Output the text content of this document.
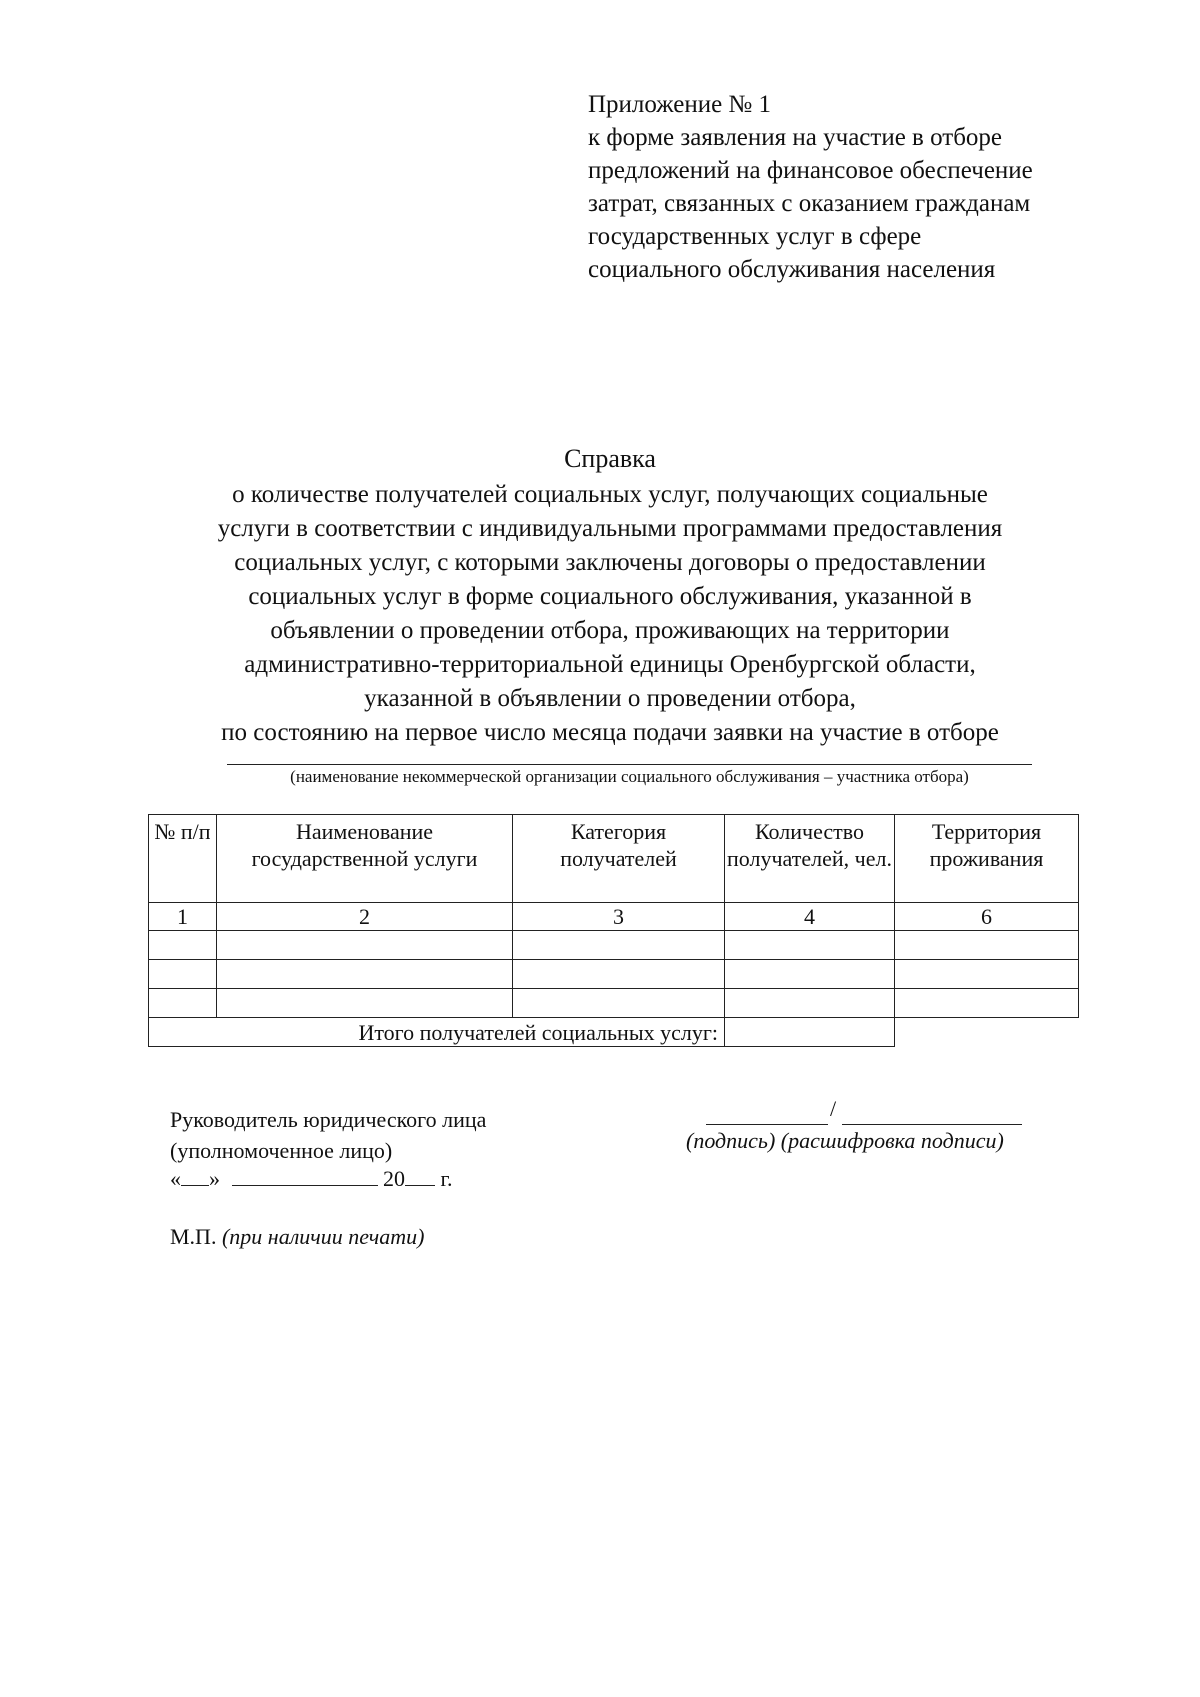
Приложение № 1
к форме заявления на участие в отборе
предложений на финансовое обеспечение
затрат, связанных с оказанием гражданам
государственных услуг в сфере
социального обслуживания населения
Справка
о количестве получателей социальных услуг, получающих социальные
услуги в соответствии с индивидуальными программами предоставления
социальных услуг, с которыми заключены договоры о предоставлении
социальных услуг в форме социального обслуживания, указанной в
объявлении о проведении отбора, проживающих на территории
административно-территориальной единицы Оренбургской области,
указанной в объявлении о проведении отбора,
по состоянию на первое число месяца подачи заявки на участие в отборе
(наименование некоммерческой организации социального обслуживания – участника отбора)
№ п/п	Наименование государственной услуги	Категория получателей	Количество получателей, чел.	Территория проживания
1	2	3	4	6

Итого получателей социальных услуг:				
Руководитель юридического лица
(уполномоченное лицо)
/
(подпись) (расшифровка подписи)
« »	20 г.
М.П. (при наличии печати)
